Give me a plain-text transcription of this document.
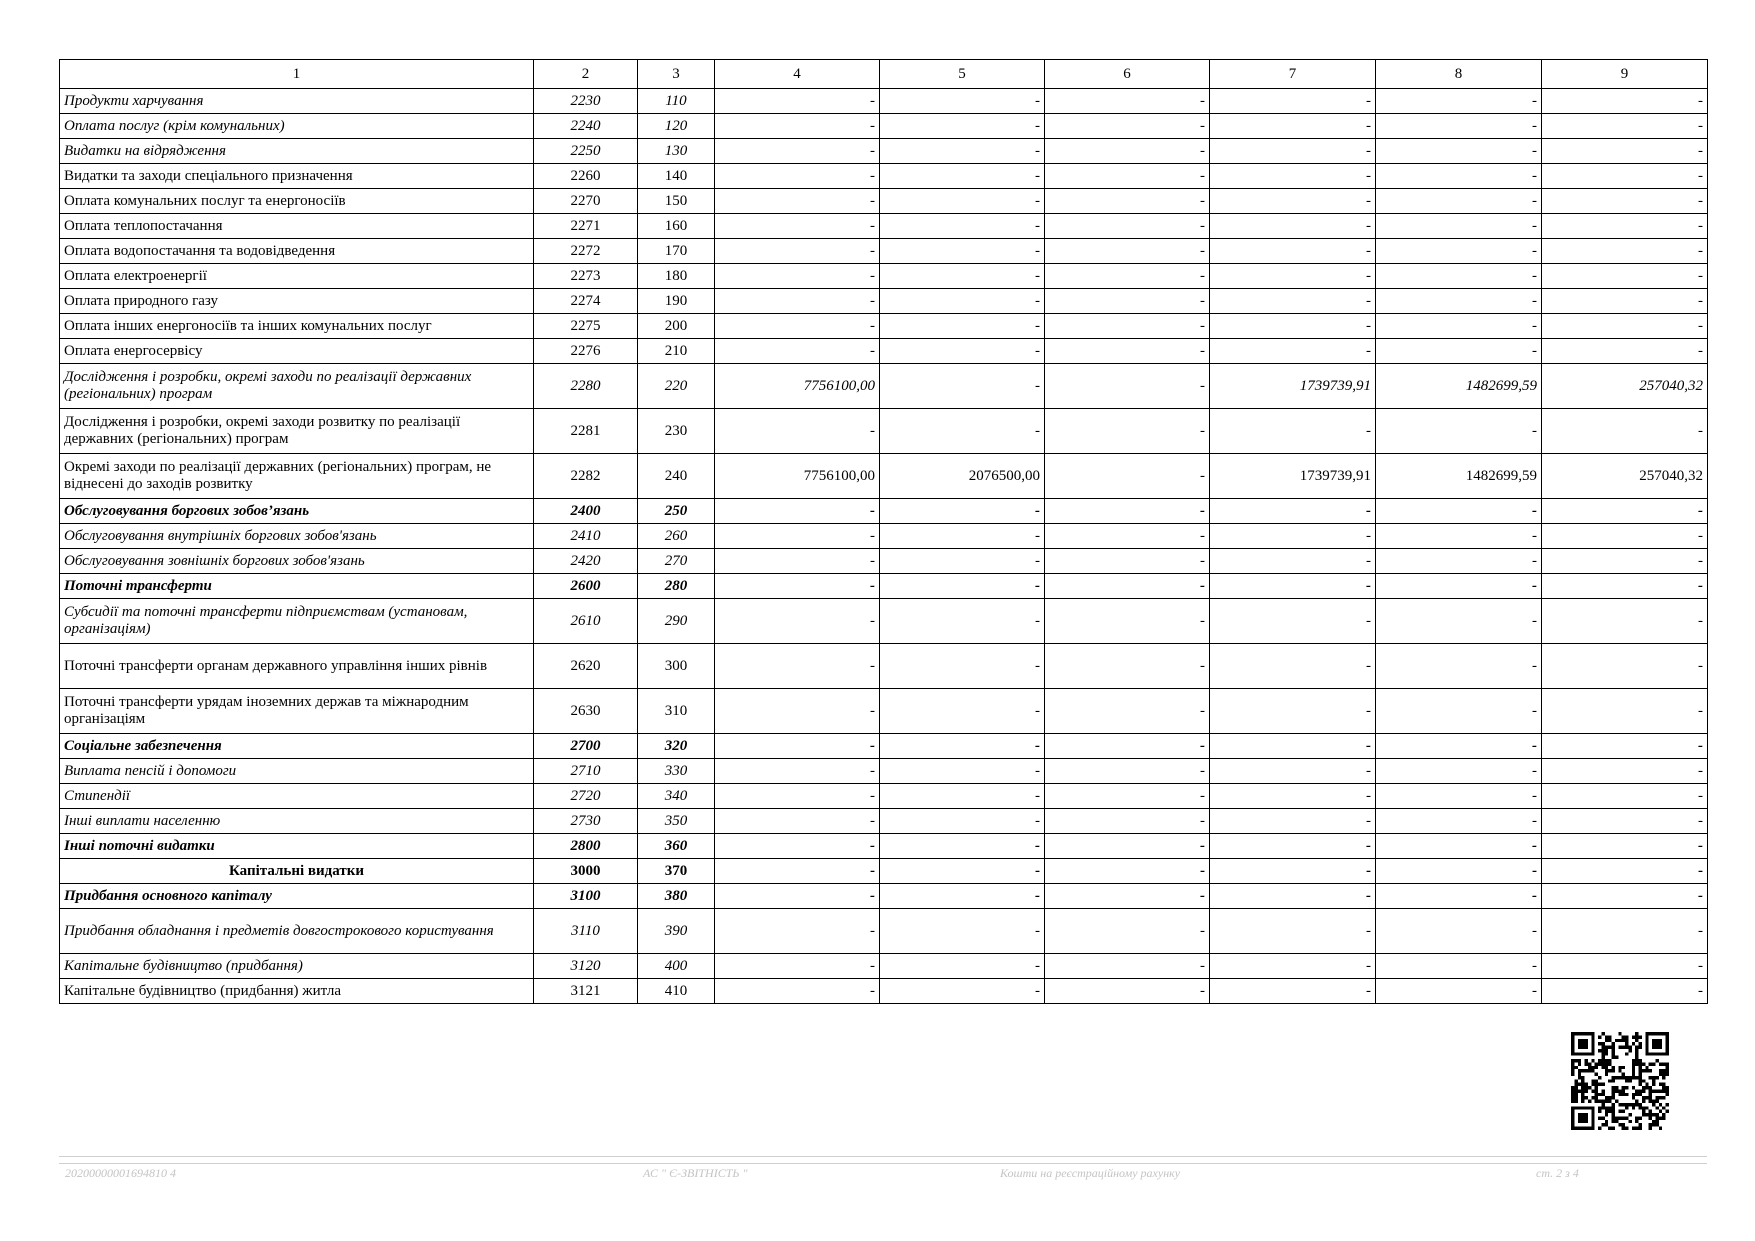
1	2	3	4	5	6	7	8	9
Продукти харчування	2230	110	-	-	-	-	-	-
Оплата послуг (крім комунальних)	2240	120	-	-	-	-	-	-
Видатки на відрядження	2250	130	-	-	-	-	-	-
Видатки та заходи спеціального призначення	2260	140	-	-	-	-	-	-
Оплата комунальних послуг та енергоносіїв	2270	150	-	-	-	-	-	-
Оплата теплопостачання	2271	160	-	-	-	-	-	-
Оплата водопостачання та водовідведення	2272	170	-	-	-	-	-	-
Оплата електроенергії	2273	180	-	-	-	-	-	-
Оплата природного газу	2274	190	-	-	-	-	-	-
Оплата інших енергоносіїв та інших комунальних послуг	2275	200	-	-	-	-	-	-
Оплата енергосервісу	2276	210	-	-	-	-	-	-
Дослідження і розробки, окремі заходи по реалізації державних (регіональних) програм	2280	220	7756100,00	-	-	1739739,91	1482699,59	257040,32
Дослідження і розробки, окремі заходи розвитку по реалізації державних (регіональних) програм	2281	230	-	-	-	-	-	-
Окремі заходи по реалізації державних (регіональних) програм, не віднесені до заходів розвитку	2282	240	7756100,00	2076500,00	-	1739739,91	1482699,59	257040,32
Обслуговування боргових зобов’язань	2400	250	-	-	-	-	-	-
Обслуговування внутрішніх боргових зобов'язань	2410	260	-	-	-	-	-	-
Обслуговування зовнішніх боргових зобов'язань	2420	270	-	-	-	-	-	-
Поточні трансферти	2600	280	-	-	-	-	-	-
Субсидії та поточні трансферти підприємствам (установам, організаціям)	2610	290	-	-	-	-	-	-
Поточні трансферти органам державного управління інших рівнів	2620	300	-	-	-	-	-	-
Поточні трансферти урядам іноземних держав та міжнародним організаціям	2630	310	-	-	-	-	-	-
Соціальне забезпечення	2700	320	-	-	-	-	-	-
Виплата пенсій і допомоги	2710	330	-	-	-	-	-	-
Стипендії	2720	340	-	-	-	-	-	-
Інші виплати населенню	2730	350	-	-	-	-	-	-
Інші поточні видатки	2800	360	-	-	-	-	-	-
Капітальні видатки	3000	370	-	-	-	-	-	-
Придбання основного капіталу	3100	380	-	-	-	-	-	-
Придбання обладнання і предметів довгострокового користування	3110	390	-	-	-	-	-	-
Капітальне будівництво (придбання)	3120	400	-	-	-	-	-	-
Капітальне будівництво (придбання) житла	3121	410	-	-	-	-	-	-
20200000001694810 4	АС " Є-ЗВІТНІСТЬ "	Кошти на реєстраційному рахунку	ст. 2 з 4
